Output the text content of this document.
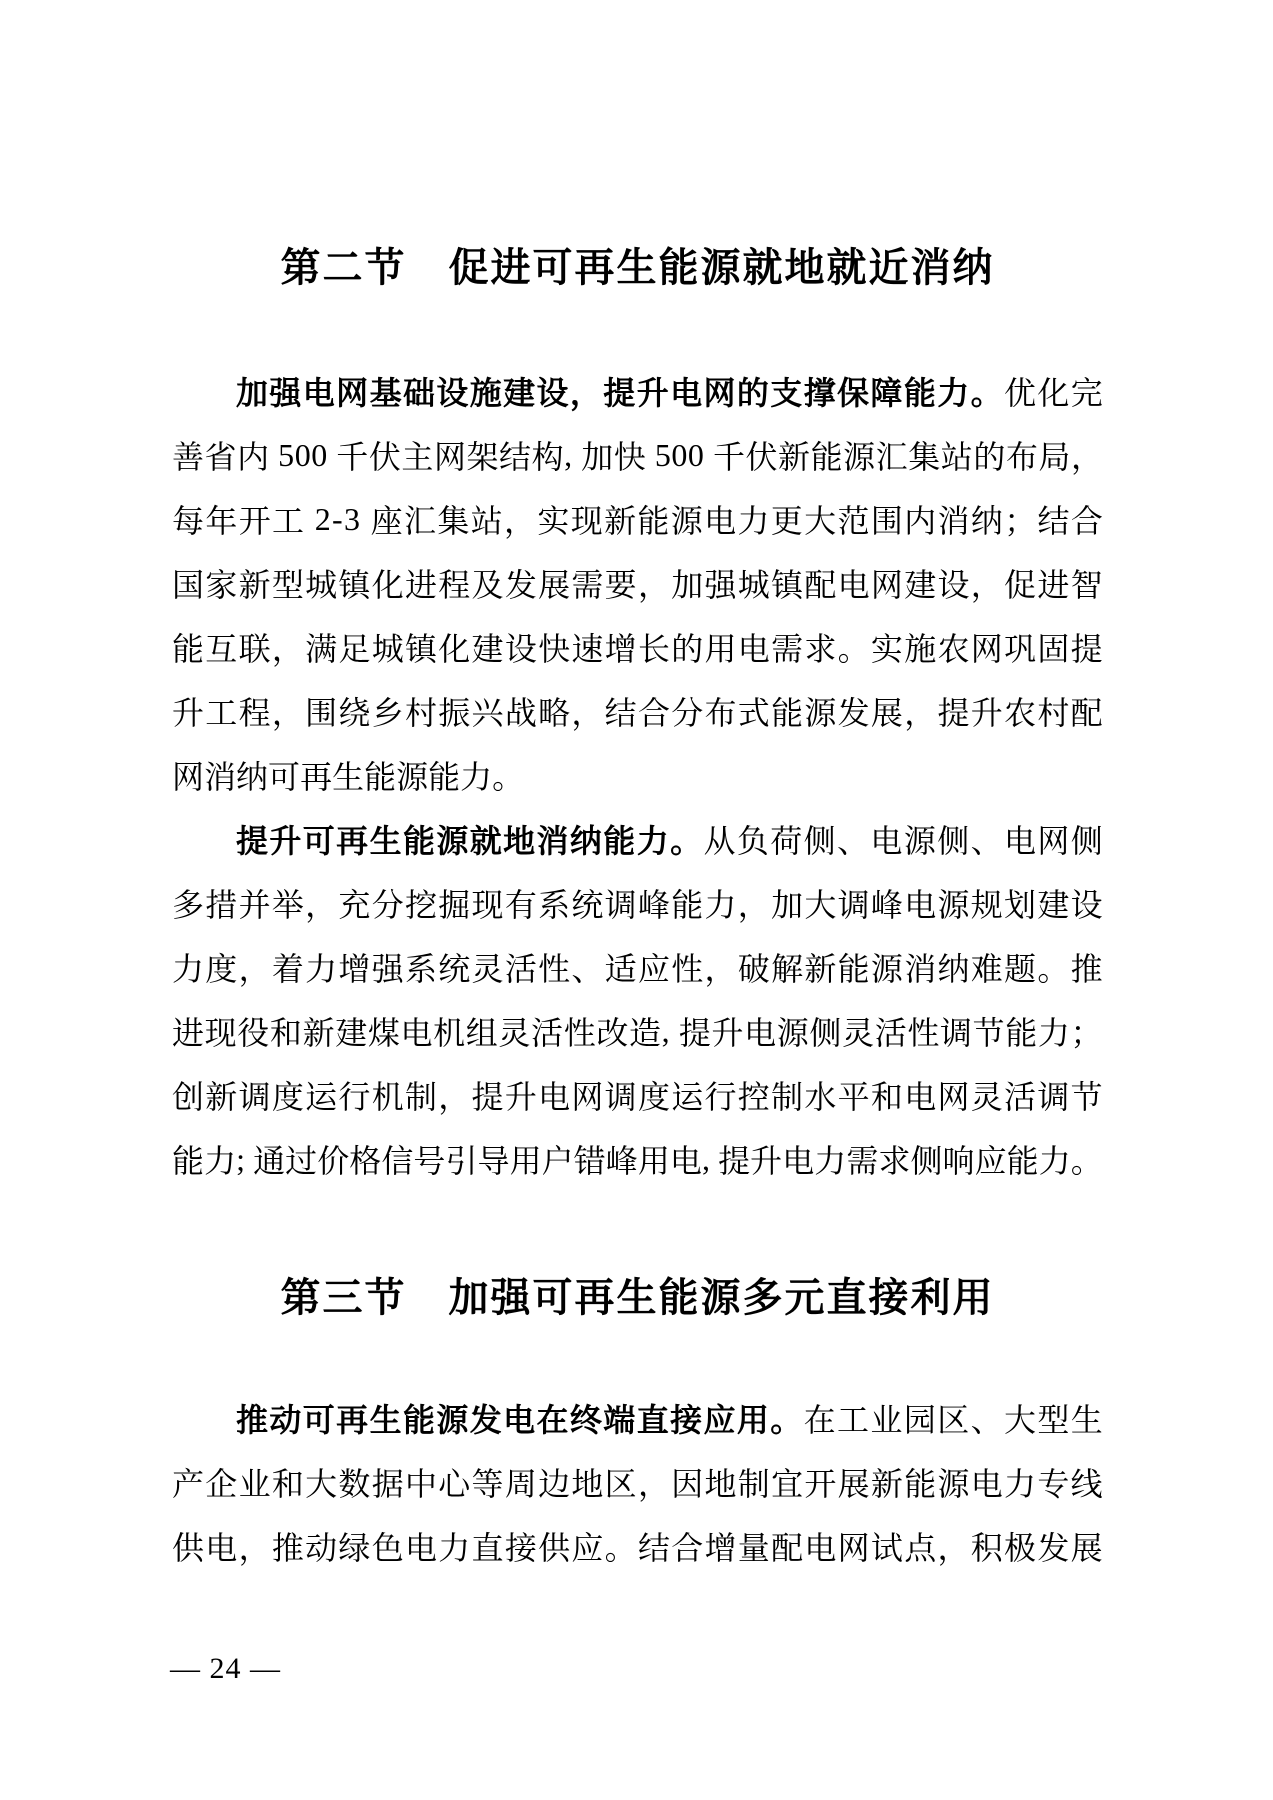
第二节　促进可再生能源就地就近消纳
加 强 电 网 基 础 设 施 建 设 ， 提 升 电 网 的 支 撑 保 障 能 力 。 优 化 完
善 省 内
5 0 0
千 伏 主 网 架 结 构 ,
加 快
5 0 0
千 伏 新 能 源 汇 集 站 的 布 局 ，
每 年 开 工
2 - 3
座 汇 集 站 ， 实 现 新 能 源 电 力 更 大 范 围 内 消 纳 ； 结 合
国 家 新 型 城 镇 化 进 程 及 发 展 需 要 ， 加 强 城 镇 配 电 网 建 设 ， 促 进 智
能 互 联 ， 满 足 城 镇 化 建 设 快 速 增 长 的 用 电 需 求 。 实 施 农 网 巩 固 提
升 工 程 ， 围 绕 乡 村 振 兴 战 略 ， 结 合 分 布 式 能 源 发 展 ， 提 升 农 村 配
网 消 纳 可 再 生 能 源 能 力 。
提 升 可 再 生 能 源 就 地 消 纳 能 力 。 从 负 荷 侧 、 电 源 侧 、 电 网 侧
多 措 并 举 ， 充 分 挖 掘 现 有 系 统 调 峰 能 力 ， 加 大 调 峰 电 源 规 划 建 设
力 度 ， 着 力 增 强 系 统 灵 活 性 、 适 应 性 ， 破 解 新 能 源 消 纳 难 题 。 推
进 现 役 和 新 建 煤 电 机 组 灵 活 性 改 造 ,
提 升 电 源 侧 灵 活 性 调 节 能 力 ；
创 新 调 度 运 行 机 制 ， 提 升 电 网 调 度 运 行 控 制 水 平 和 电 网 灵 活 调 节
能 力 ;
通 过 价 格 信 号 引 导 用 户 错 峰 用 电 ,
提 升 电 力 需 求 侧 响 应 能 力 。
第三节　加强可再生能源多元直接利用
推 动 可 再 生 能 源 发 电 在 终 端 直 接 应 用 。 在 工 业 园 区 、 大 型 生
产 企 业 和 大 数 据 中 心 等 周 边 地 区 ， 因 地 制 宜 开 展 新 能 源 电 力 专 线
供 电 ， 推 动 绿 色 电 力 直 接 供 应 。 结 合 增 量 配 电 网 试 点 ， 积 极 发 展
— 24 —
